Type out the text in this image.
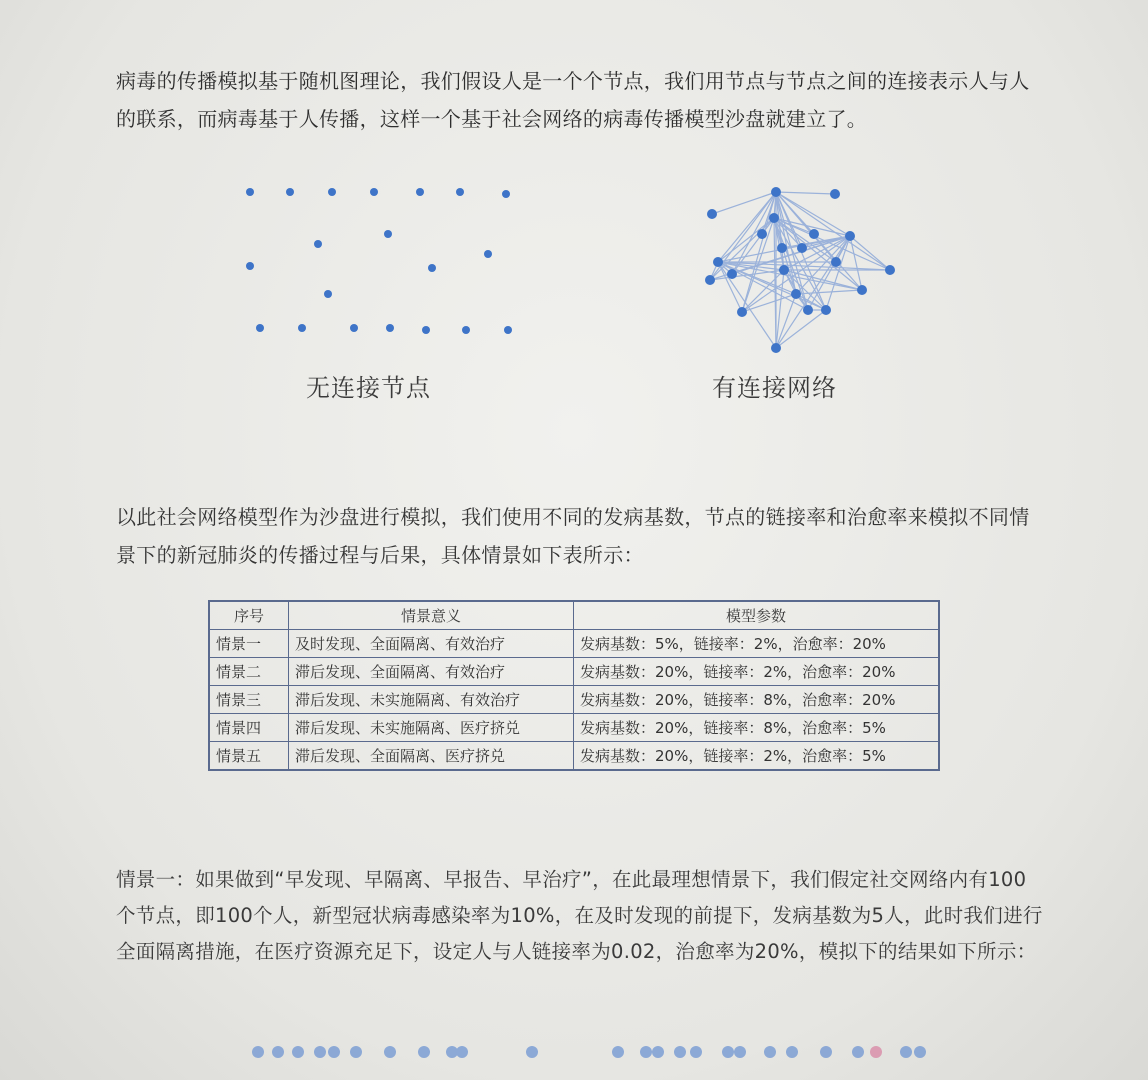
病毒的传播模拟基于随机图理论，我们假设人是一个个节点，我们用节点与节点之间的连接表示人与人的联系，而病毒基于人传播，这样一个基于社会网络的病毒传播模型沙盘就建立了。
无连接节点	有连接网络
以此社会网络模型作为沙盘进行模拟，我们使用不同的发病基数，节点的链接率和治愈率来模拟不同情景下的新冠肺炎的传播过程与后果，具体情景如下表所示：
序号	情景意义	模型参数
情景一	及时发现、全面隔离、有效治疗	发病基数：5%，链接率：2%，治愈率：20%
情景二	滞后发现、全面隔离、有效治疗	发病基数：20%，链接率：2%，治愈率：20%
情景三	滞后发现、未实施隔离、有效治疗	发病基数：20%，链接率：8%，治愈率：20%
情景四	滞后发现、未实施隔离、医疗挤兑	发病基数：20%，链接率：8%，治愈率：5%
情景五	滞后发现、全面隔离、医疗挤兑	发病基数：20%，链接率：2%，治愈率：5%
情景一：如果做到“早发现、早隔离、早报告、早治疗”，在此最理想情景下，我们假定社交网络内有100个节点，即100个人，新型冠状病毒感染率为10%，在及时发现的前提下，发病基数为5人，此时我们进行全面隔离措施，在医疗资源充足下，设定人与人链接率为0.02，治愈率为20%，模拟下的结果如下所示：
